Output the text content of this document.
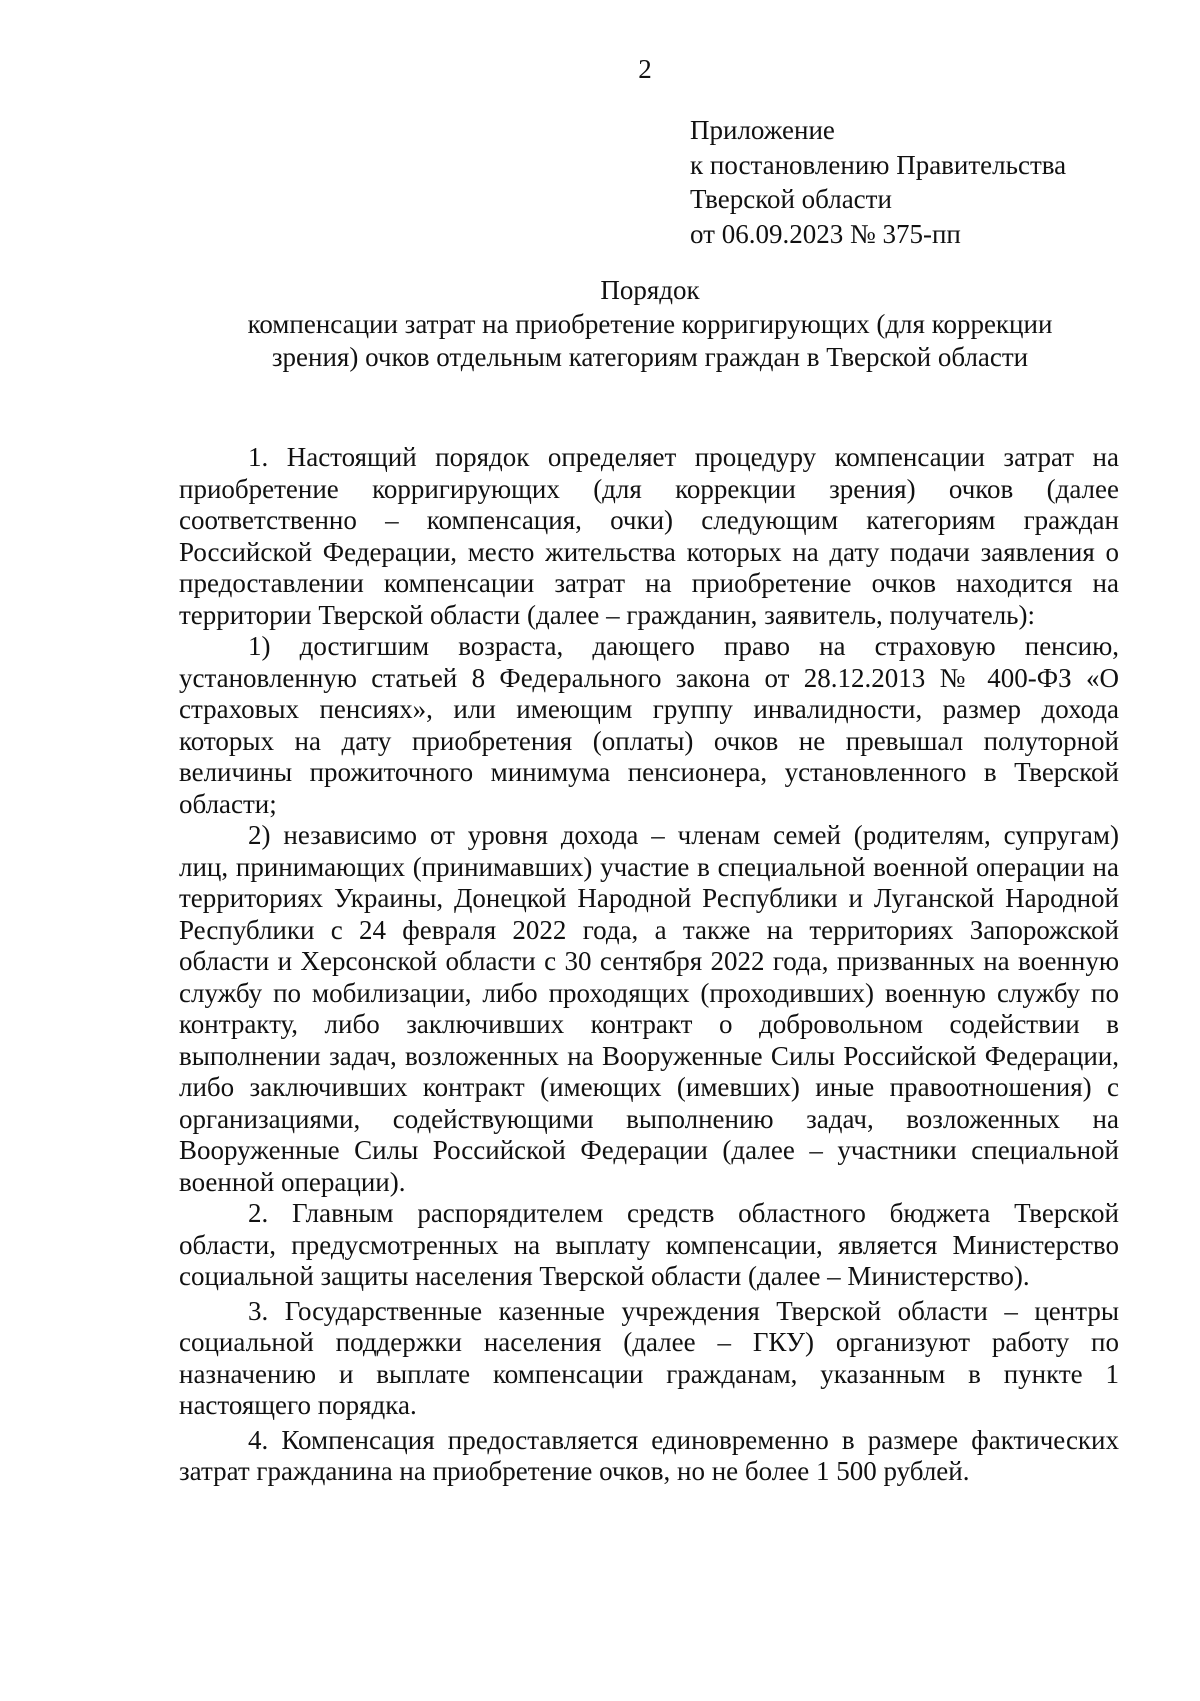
2
Приложение
к постановлению Правительства
Тверской области
от 06.09.2023 № 375-пп
Порядок
компенсации затрат на приобретение корригирующих (для коррекции
зрения) очков отдельным категориям граждан в Тверской области

1. Настоящий порядок определяет процедуру компенсации затрат на приобретение корригирующих (для коррекции зрения) очков (далее соответственно – компенсация, очки) следующим категориям граждан Российской Федерации, место жительства которых на дату подачи заявления о предоставлении компенсации затрат на приобретение очков находится на территории Тверской области (далее – гражданин, заявитель, получатель):

1) достигшим возраста, дающего право на страховую пенсию, установленную статьей 8 Федерального закона от 28.12.2013 № 400-ФЗ «О страховых пенсиях», или имеющим группу инвалидности, размер дохода которых на дату приобретения (оплаты) очков не превышал полуторной величины прожиточного минимума пенсионера, установленного в Тверской области;

2) независимо от уровня дохода – членам семей (родителям, супругам) лиц, принимающих (принимавших) участие в специальной военной операции на территориях Украины, Донецкой Народной Республики и Луганской Народной Республики с 24 февраля 2022 года, а также на территориях Запорожской области и Херсонской области с 30 сентября 2022 года, призванных на военную службу по мобилизации, либо проходящих (проходивших) военную службу по контракту, либо заключивших контракт о добровольном содействии в выполнении задач, возложенных на Вооруженные Силы Российской Федерации, либо заключивших контракт (имеющих (имевших) иные правоотношения) с организациями, содействующими выполнению задач, возложенных на Вооруженные Силы Российской Федерации (далее – участники специальной военной операции).

2. Главным распорядителем средств областного бюджета Тверской области, предусмотренных на выплату компенсации, является Министерство социальной защиты населения Тверской области (далее – Министерство).

3. Государственные казенные учреждения Тверской области – центры социальной поддержки населения (далее – ГКУ) организуют работу по назначению и выплате компенсации гражданам, указанным в пункте 1 настоящего порядка.

4. Компенсация предоставляется единовременно в размере фактических затрат гражданина на приобретение очков, но не более 1 500 рублей.
